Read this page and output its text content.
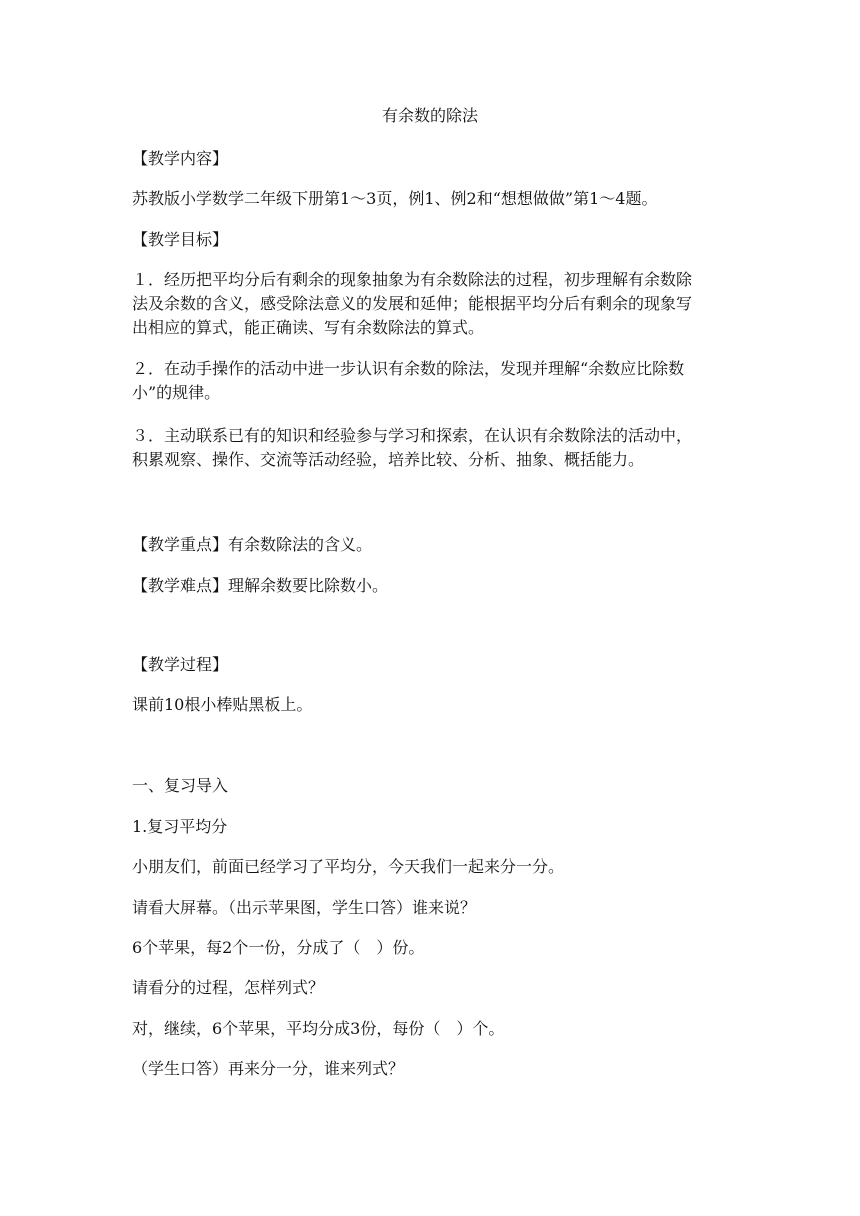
有余数的除法
【教学内容】
苏教版小学数学二年级下册第1～3页，例1、例2和“想想做做”第1～4题。
【教学目标】
１．经历把平均分后有剩余的现象抽象为有余数除法的过程，初步理解有余数除
法及余数的含义，感受除法意义的发展和延伸；能根据平均分后有剩余的现象写
出相应的算式，能正确读、写有余数除法的算式。
２．在动手操作的活动中进一步认识有余数的除法，发现并理解“余数应比除数
小”的规律。
３．主动联系已有的知识和经验参与学习和探索，在认识有余数除法的活动中，
积累观察、操作、交流等活动经验，培养比较、分析、抽象、概括能力。
【教学重点】有余数除法的含义。
【教学难点】理解余数要比除数小。
【教学过程】
课前10根小棒贴黑板上。
一、复习导入
1.复习平均分
小朋友们，前面已经学习了平均分，今天我们一起来分一分。
请看大屏幕。（出示苹果图，学生口答）谁来说？
6个苹果，每2个一份，分成了（　）份。
请看分的过程，怎样列式？
对，继续，6个苹果，平均分成3份，每份（　）个。
（学生口答）再来分一分，谁来列式？
